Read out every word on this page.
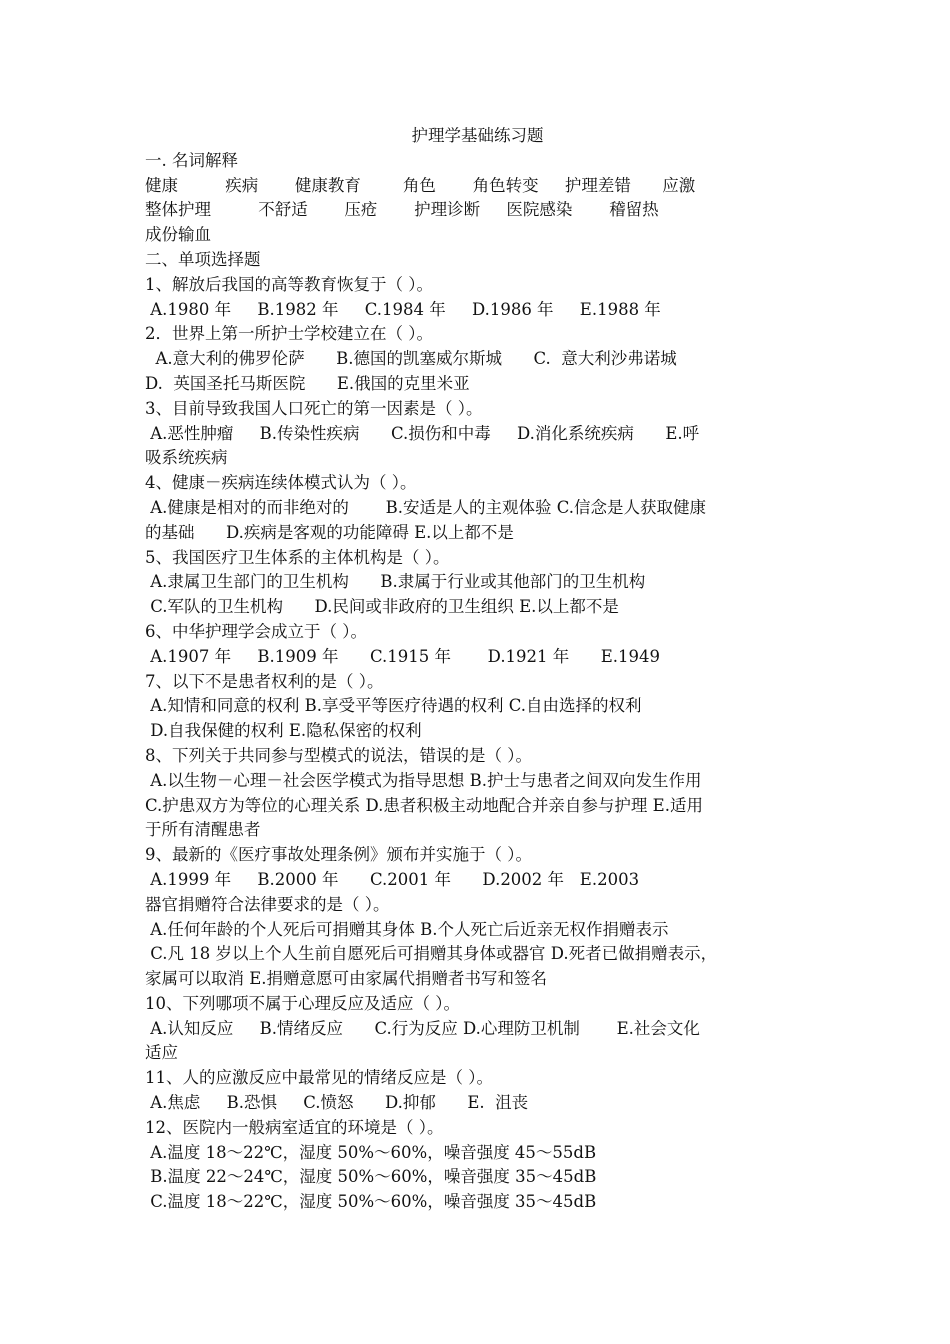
护理学基础练习题
一. 名词解释
健康         疾病       健康教育        角色       角色转变     护理差错      应激
整体护理         不舒适       压疮       护理诊断     医院感染       稽留热
成份输血
二、单项选择题
1、解放后我国的高等教育恢复于（ ）。
A.1980 年     B.1982 年     C.1984 年     D.1986 年     E.1988 年
2．世界上第一所护士学校建立在（ ）。
A.意大利的佛罗伦萨      B.德国的凯塞威尔斯城      C.  意大利沙弗诺城
D.  英国圣托马斯医院      E.俄国的克里米亚
3、目前导致我国人口死亡的第一因素是（ ）。
A.恶性肿瘤     B.传染性疾病      C.损伤和中毒     D.消化系统疾病      E.呼
吸系统疾病
4、健康－疾病连续体模式认为（ ）。
A.健康是相对的而非绝对的       B.安适是人的主观体验 C.信念是人获取健康
的基础      D.疾病是客观的功能障碍 E.以上都不是
5、我国医疗卫生体系的主体机构是（ ）。
A.隶属卫生部门的卫生机构      B.隶属于行业或其他部门的卫生机构
C.军队的卫生机构      D.民间或非政府的卫生组织 E.以上都不是
6、中华护理学会成立于（ ）。
A.1907 年     B.1909 年      C.1915 年       D.1921 年      E.1949
7、以下不是患者权利的是（ ）。
A.知情和同意的权利 B.享受平等医疗待遇的权利 C.自由选择的权利
D.自我保健的权利 E.隐私保密的权利
8、下列关于共同参与型模式的说法，错误的是（ ）。
A.以生物－心理－社会医学模式为指导思想 B.护士与患者之间双向发生作用
C.护患双方为等位的心理关系 D.患者积极主动地配合并亲自参与护理 E.适用
于所有清醒患者
9、最新的《医疗事故处理条例》颁布并实施于（ ）。
A.1999 年     B.2000 年      C.2001 年      D.2002 年   E.2003
器官捐赠符合法律要求的是（ ）。
A.任何年龄的个人死后可捐赠其身体 B.个人死亡后近亲无权作捐赠表示
C.凡 18 岁以上个人生前自愿死后可捐赠其身体或器官 D.死者已做捐赠表示，
家属可以取消 E.捐赠意愿可由家属代捐赠者书写和签名
10、下列哪项不属于心理反应及适应（ ）。
A.认知反应     B.情绪反应      C.行为反应 D.心理防卫机制       E.社会文化
适应
11、人的应激反应中最常见的情绪反应是（ ）。
A.焦虑     B.恐惧     C.愤怒      D.抑郁      E.  沮丧
12、医院内一般病室适宜的环境是（ ）。
A.温度 18～22℃，湿度 50%～60%，噪音强度 45～55dB
B.温度 22～24℃，湿度 50%～60%，噪音强度 35～45dB
C.温度 18～22℃，湿度 50%～60%，噪音强度 35～45dB
